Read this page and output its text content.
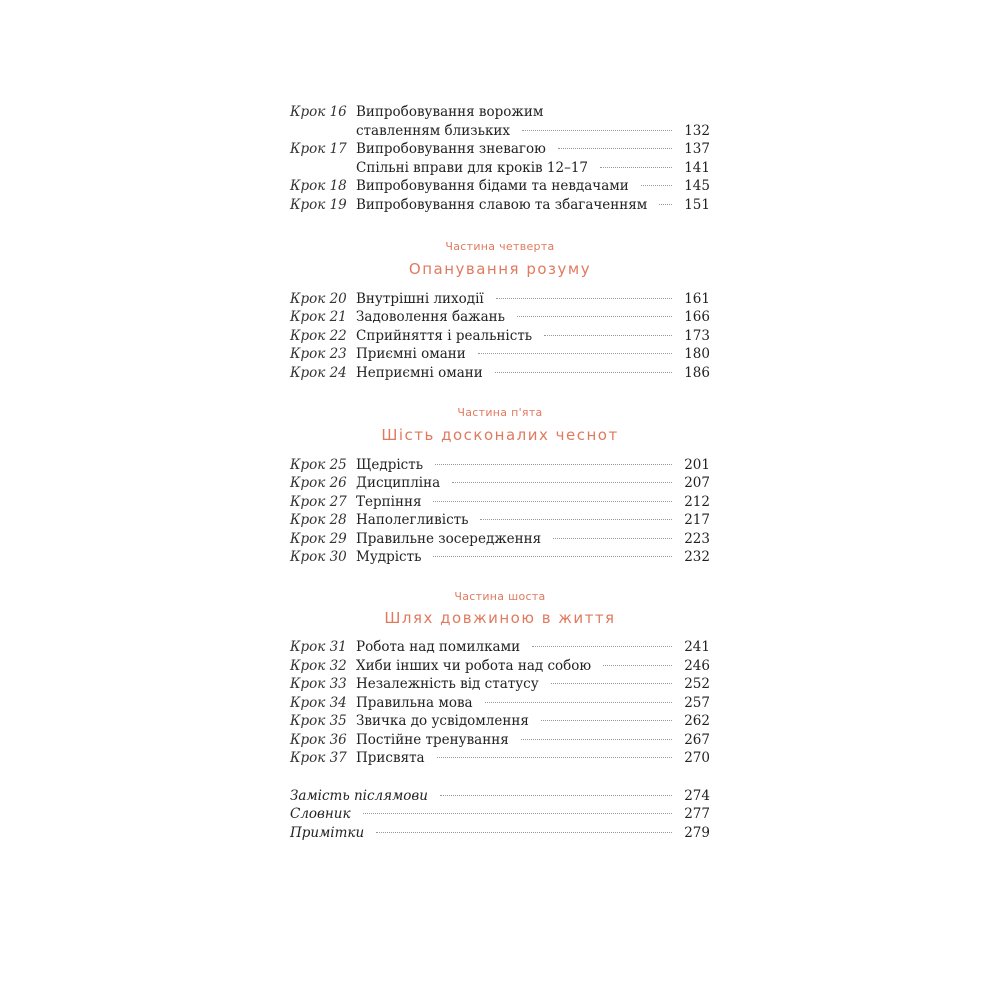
Крок 16 Випробовування ворожим
ставленням близьких	132
Крок 17 Випробовування зневагою	137
Спільні вправи для кроків 12–17	141
Крок 18 Випробовування бідами та невдачами	145
Крок 19 Випробовування славою та збагаченням	151
Частина четверта
Опанування розуму
Крок 20 Внутрішні лиходії	161
Крок 21 Задоволення бажань	166
Крок 22 Сприйняття і реальність	173
Крок 23 Приємні омани	180
Крок 24 Неприємні омани	186
Частина п'ята
Шість досконалих чеснот
Крок 25 Щедрість	201
Крок 26 Дисципліна	207
Крок 27 Терпіння	212
Крок 28 Наполегливість	217
Крок 29 Правильне зосередження	223
Крок 30 Мудрість	232
Частина шоста
Шлях довжиною в життя
Крок 31 Робота над помилками	241
Крок 32 Хиби інших чи робота над собою	246
Крок 33 Незалежність від статусу	252
Крок 34 Правильна мова	257
Крок 35 Звичка до усвідомлення	262
Крок 36 Постійне тренування	267
Крок 37 Присвята	270
Замість післямови	274
Словник	277
Примітки	279
